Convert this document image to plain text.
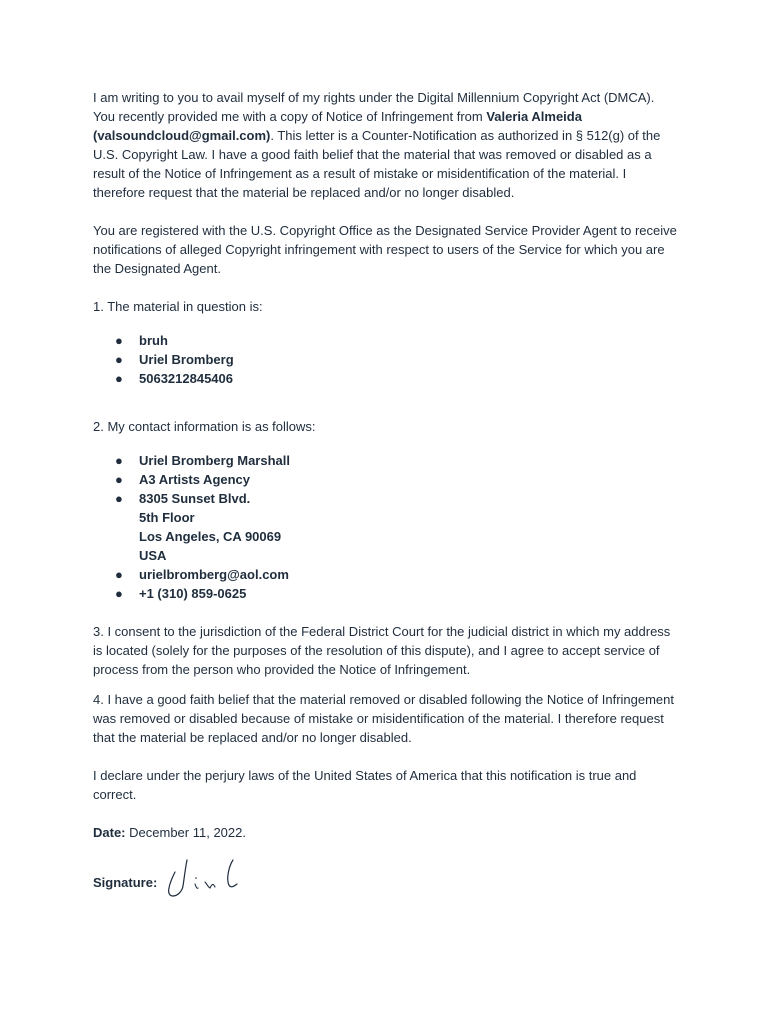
I am writing to you to avail myself of my rights under the Digital Millennium Copyright Act (DMCA). You recently provided me with a copy of Notice of Infringement from Valeria Almeida (valsoundcloud@gmail.com). This letter is a Counter-Notification as authorized in § 512(g) of the U.S. Copyright Law. I have a good faith belief that the material that was removed or disabled as a result of the Notice of Infringement as a result of mistake or misidentification of the material. I therefore request that the material be replaced and/or no longer disabled.

You are registered with the U.S. Copyright Office as the Designated Service Provider Agent to receive notifications of alleged Copyright infringement with respect to users of the Service for which you are the Designated Agent.

1. The material in question is:

● bruh
● Uriel Bromberg
● 5063212845406

2. My contact information is as follows:

● Uriel Bromberg Marshall
● A3 Artists Agency
● 8305 Sunset Blvd.
5th Floor
Los Angeles, CA 90069
USA
● urielbromberg@aol.com
● +1 (310) 859-0625

3. I consent to the jurisdiction of the Federal District Court for the judicial district in which my address is located (solely for the purposes of the resolution of this dispute), and I agree to accept service of process from the person who provided the Notice of Infringement.

4. I have a good faith belief that the material removed or disabled following the Notice of Infringement was removed or disabled because of mistake or misidentification of the material. I therefore request that the material be replaced and/or no longer disabled.

I declare under the perjury laws of the United States of America that this notification is true and correct.

Date: December 11, 2022.

Signature:
